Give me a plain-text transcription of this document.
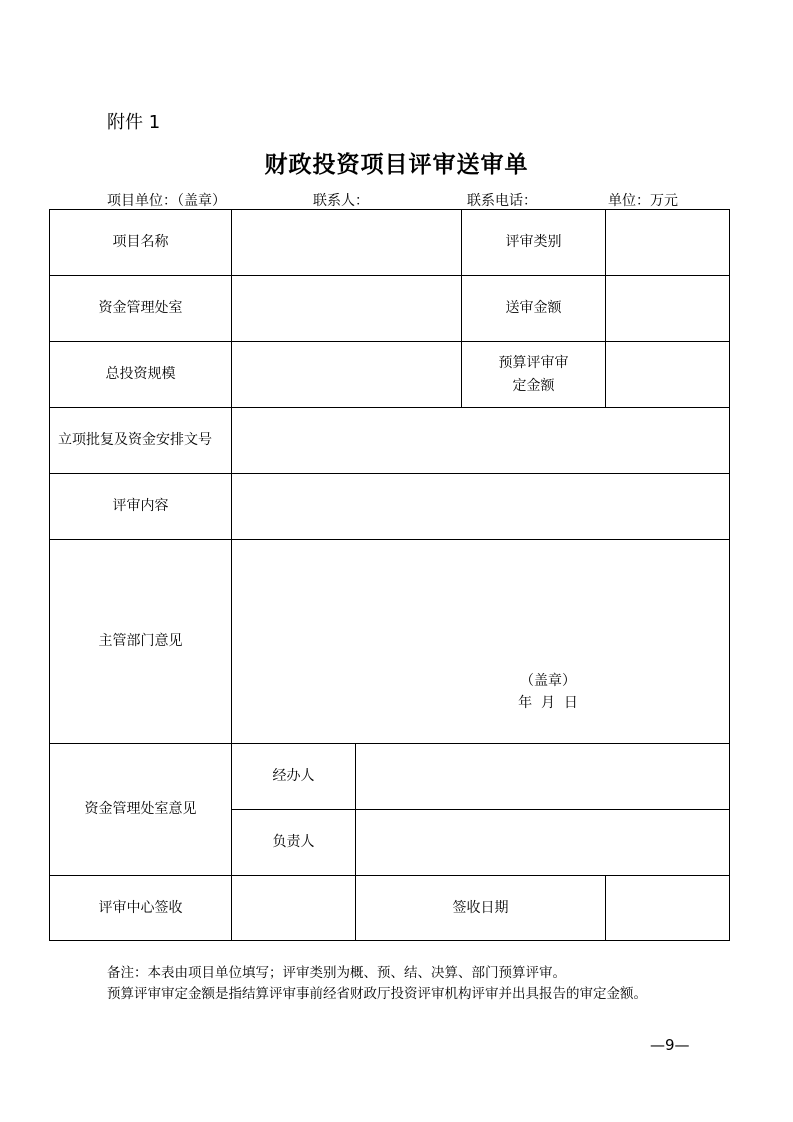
附件 1
财政投资项目评审送审单
项目单位：（盖章）	联系人：	联系电话：	单位：万元
项目名称			评审类别	
资金管理处室			送审金额	
总投资规模			预算评审审定金额	

立项批复及资金安排文号				
评审内容				
主管部门意见	（盖章）
年  月  日			

资金管理处室意见	经办人			
	负责人			
评审中心签收		签收日期		
备注：本表由项目单位填写；评审类别为概、预、结、决算、部门预算评审。
预算评审审定金额是指结算评审事前经省财政厅投资评审机构评审并出具报告的审定金额。
—9—
